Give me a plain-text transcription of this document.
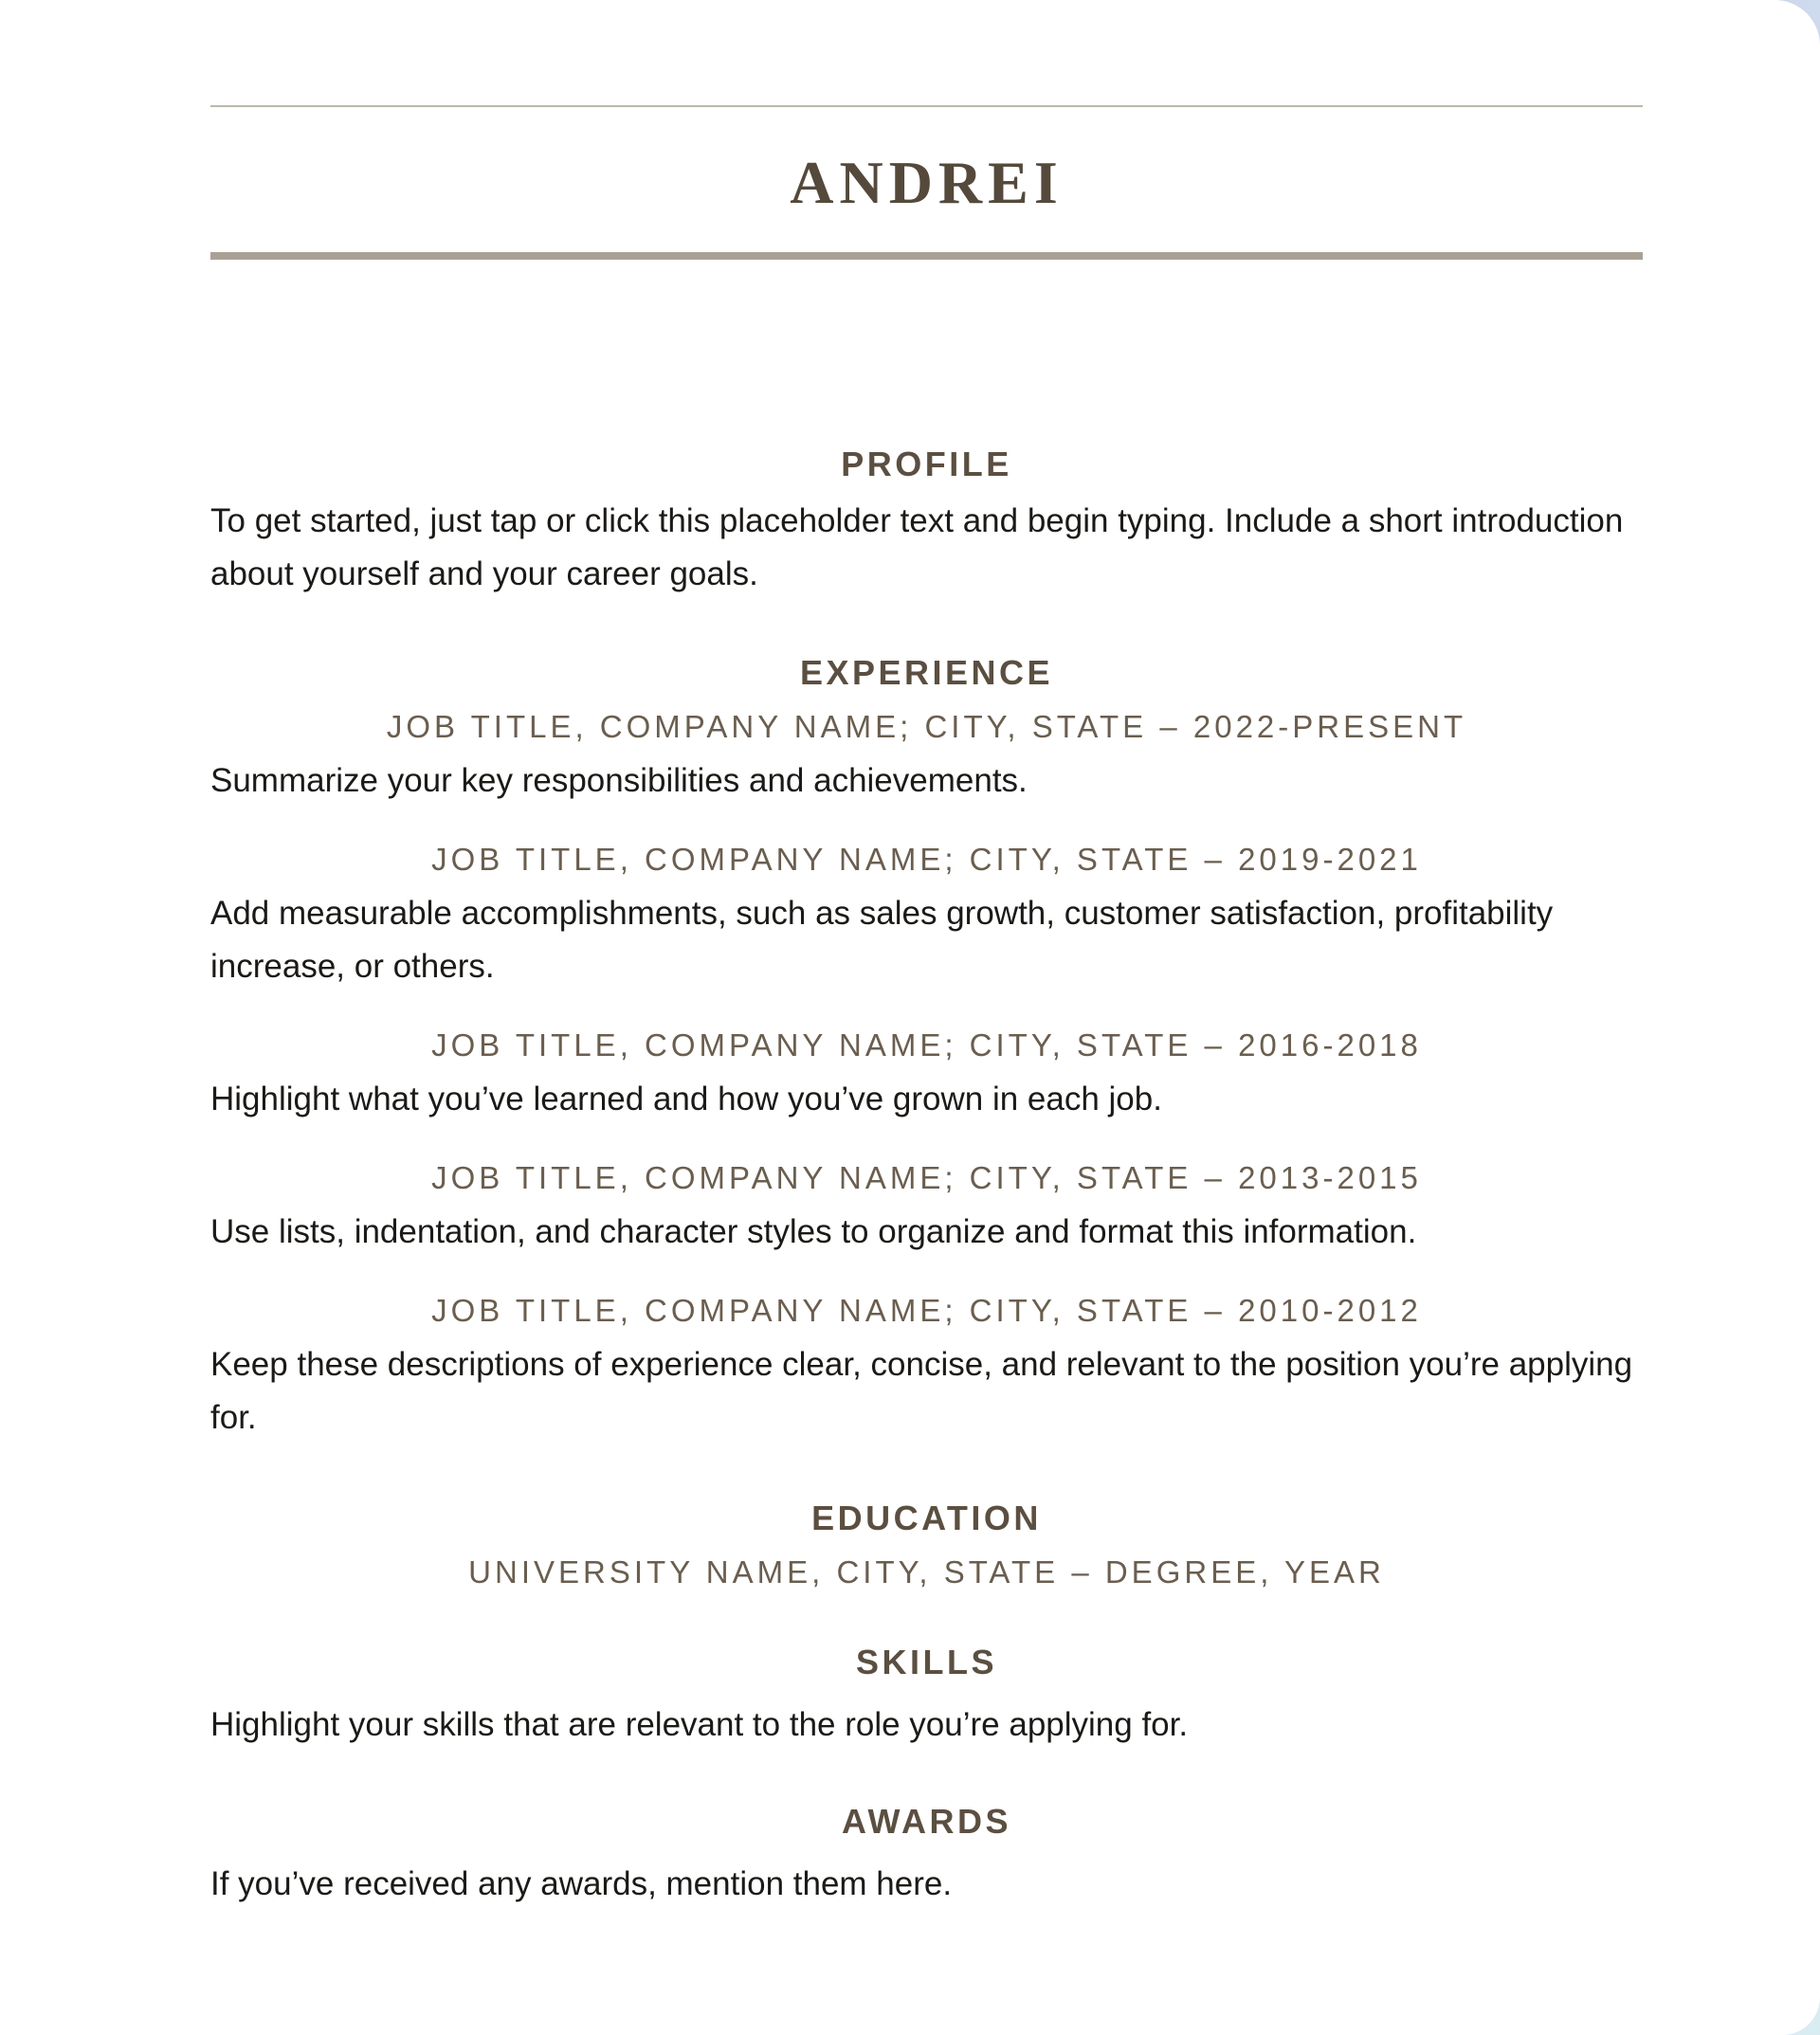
ANDREI

PROFILE

To get started, just tap or click this placeholder text and begin typing. Include a short introduction about yourself and your career goals.

EXPERIENCE

JOB TITLE, COMPANY NAME; CITY, STATE – 2022-PRESENT

Summarize your key responsibilities and achievements.

JOB TITLE, COMPANY NAME; CITY, STATE – 2019-2021

Add measurable accomplishments, such as sales growth, customer satisfaction, profitability increase, or others.

JOB TITLE, COMPANY NAME; CITY, STATE – 2016-2018

Highlight what you’ve learned and how you’ve grown in each job.

JOB TITLE, COMPANY NAME; CITY, STATE – 2013-2015

Use lists, indentation, and character styles to organize and format this information.

JOB TITLE, COMPANY NAME; CITY, STATE – 2010-2012

Keep these descriptions of experience clear, concise, and relevant to the position you’re applying for.

EDUCATION

UNIVERSITY NAME, CITY, STATE – DEGREE, YEAR

SKILLS

Highlight your skills that are relevant to the role you’re applying for.

AWARDS

If you’ve received any awards, mention them here.
